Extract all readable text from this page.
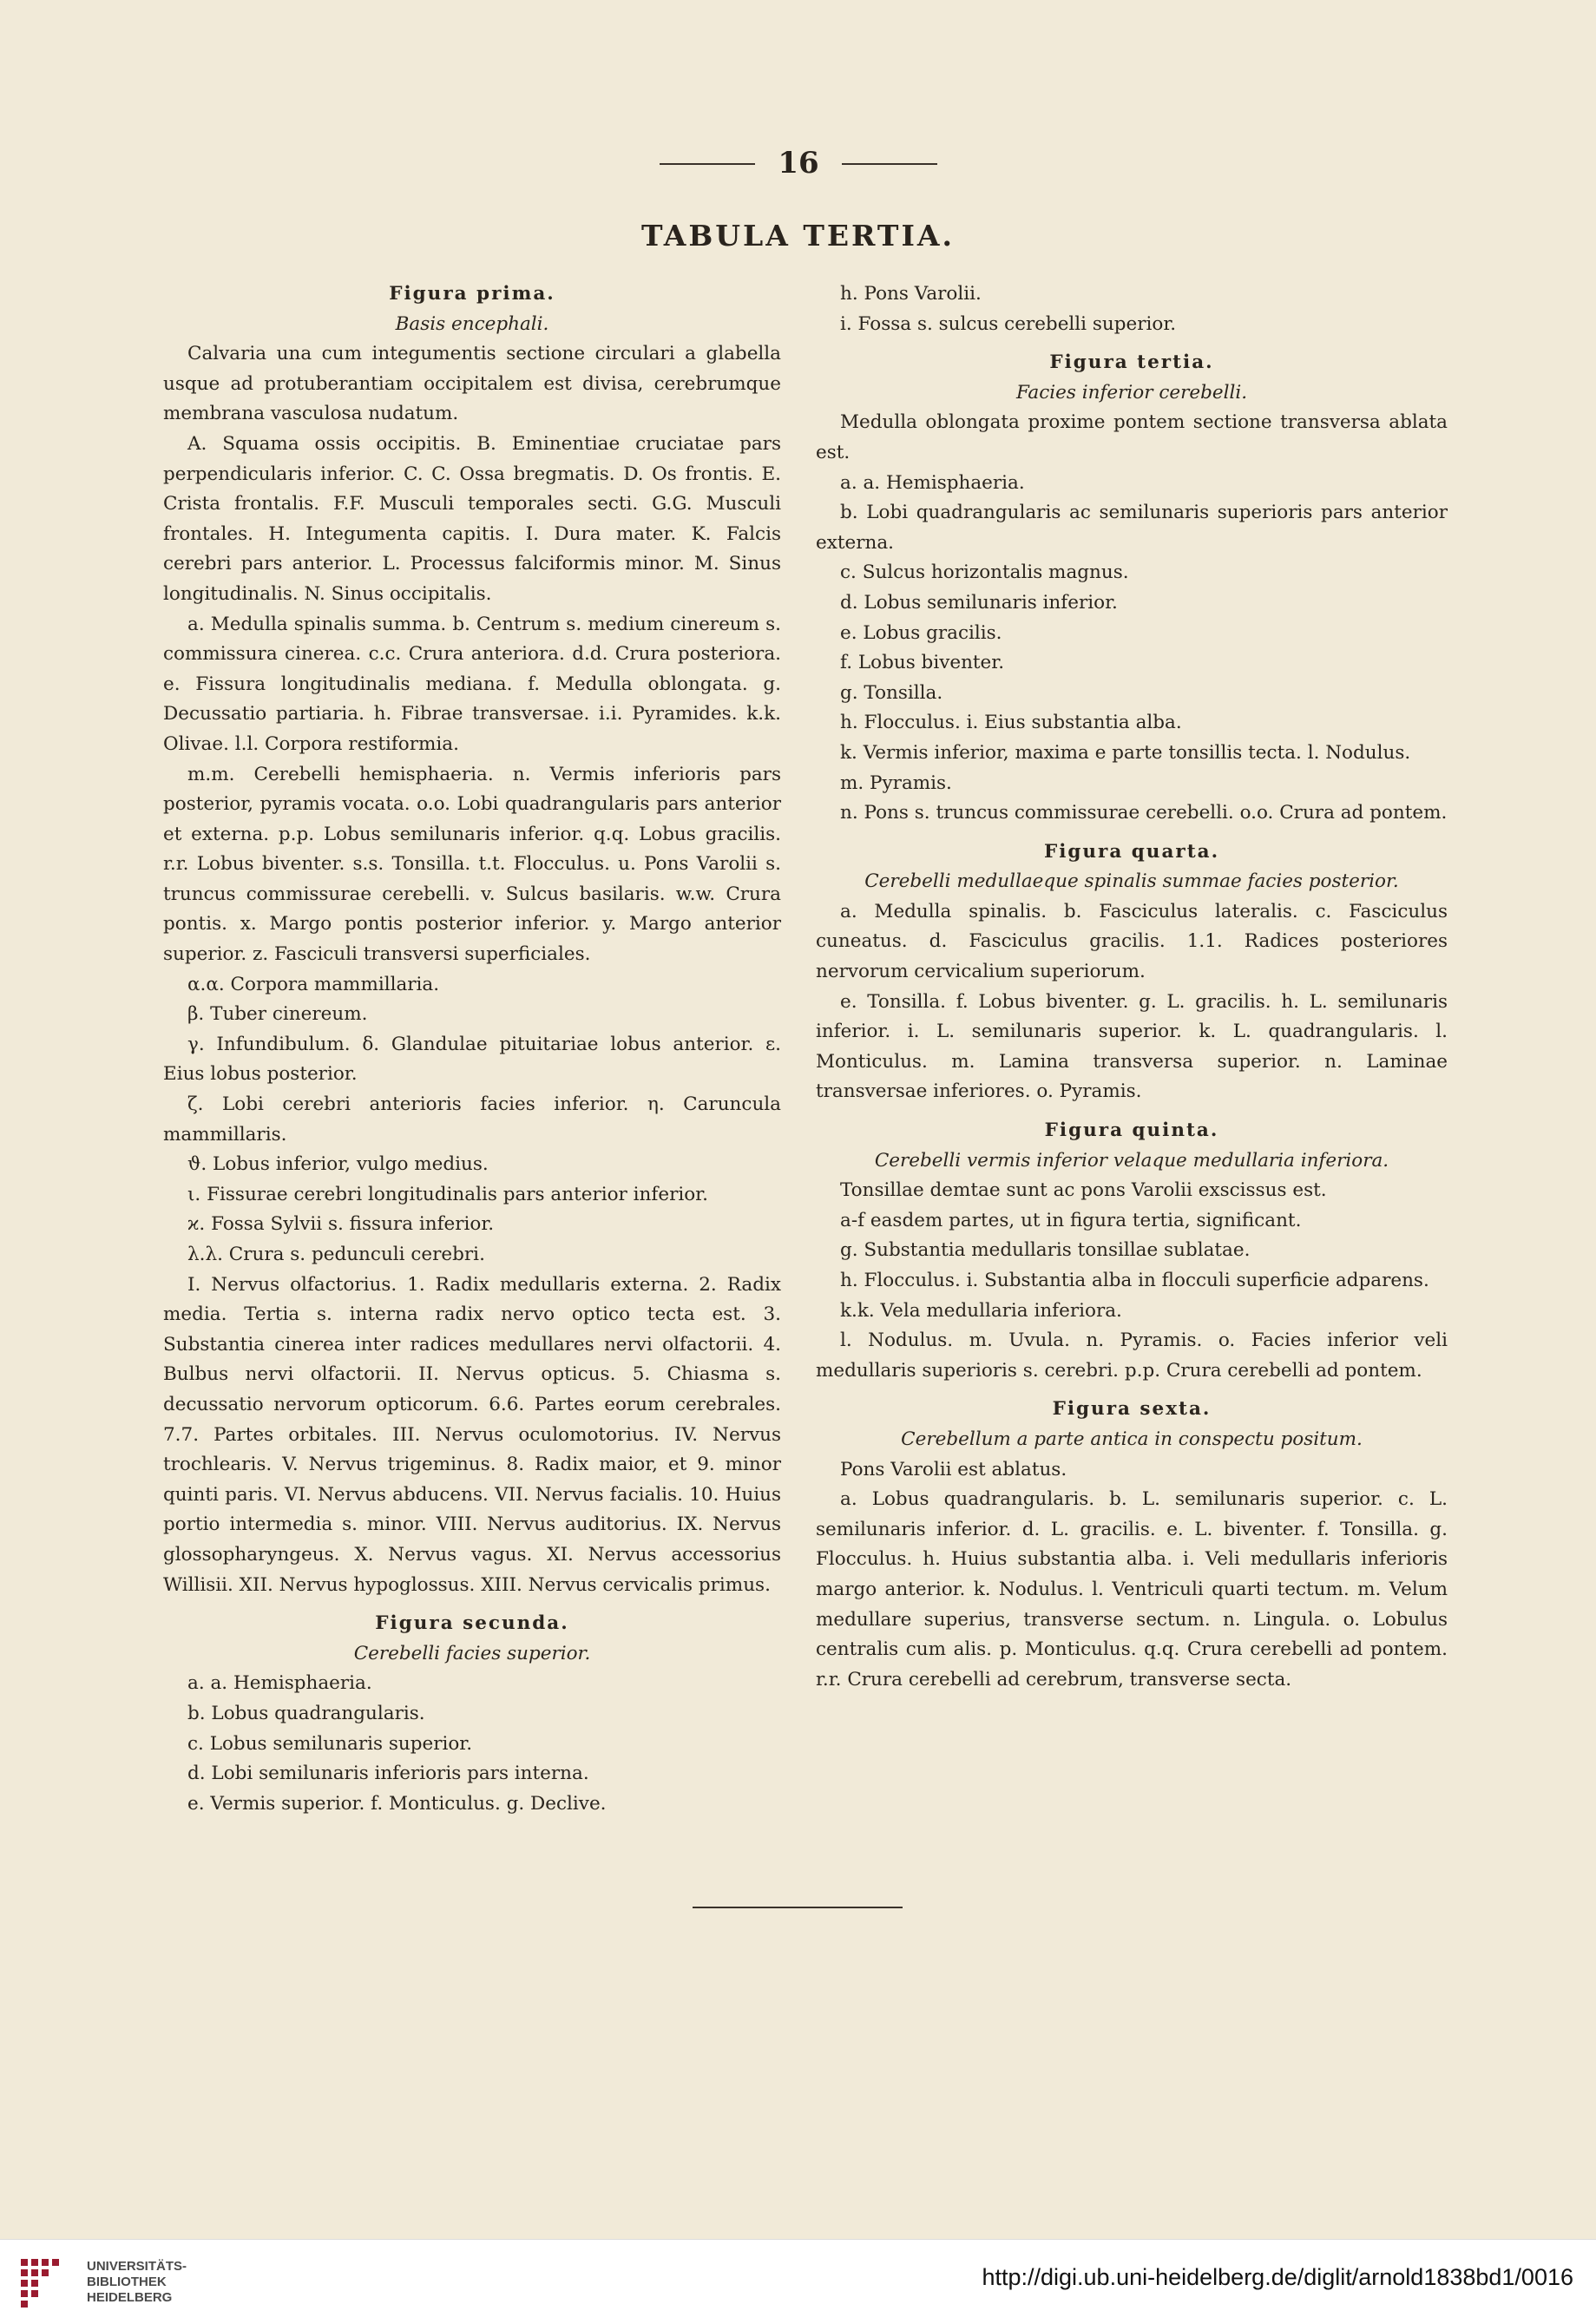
16
TABULA TERTIA.

Figura prima.

Basis encephali.

Calvaria una cum integumentis sectione circulari a glabella usque ad protuberantiam occipitalem est divisa, cerebrumque membrana vasculosa nudatum.

A. Squama ossis occipitis. B. Eminentiae cruciatae pars perpendicularis inferior. C. C. Ossa bregmatis. D. Os frontis. E. Crista frontalis. F.F. Musculi temporales secti. G.G. Musculi frontales. H. Integumenta capitis. I. Dura mater. K. Falcis cerebri pars anterior. L. Processus falciformis minor. M. Sinus longitudinalis. N. Sinus occipitalis.

a. Medulla spinalis summa. b. Centrum s. medium cinereum s. commissura cinerea. c.c. Crura anteriora. d.d. Crura posteriora. e. Fissura longitudinalis mediana. f. Medulla oblongata. g. Decussatio partiaria. h. Fibrae transversae. i.i. Pyramides. k.k. Olivae. l.l. Corpora restiformia.

m.m. Cerebelli hemisphaeria. n. Vermis inferioris pars posterior, pyramis vocata. o.o. Lobi quadrangularis pars anterior et externa. p.p. Lobus semilunaris inferior. q.q. Lobus gracilis. r.r. Lobus biventer. s.s. Tonsilla. t.t. Flocculus. u. Pons Varolii s. truncus commissurae cerebelli. v. Sulcus basilaris. w.w. Crura pontis. x. Margo pontis posterior inferior. y. Margo anterior superior. z. Fasciculi transversi superficiales.

α.α. Corpora mammillaria.

β. Tuber cinereum.

γ. Infundibulum. δ. Glandulae pituitariae lobus anterior. ε. Eius lobus posterior.

ζ. Lobi cerebri anterioris facies inferior. η. Caruncula mammillaris.

ϑ. Lobus inferior, vulgo medius.

ι. Fissurae cerebri longitudinalis pars anterior inferior.

ϰ. Fossa Sylvii s. fissura inferior.

λ.λ. Crura s. pedunculi cerebri.

I. Nervus olfactorius. 1. Radix medullaris externa. 2. Radix media. Tertia s. interna radix nervo optico tecta est. 3. Substantia cinerea inter radices medullares nervi olfactorii. 4. Bulbus nervi olfactorii. II. Nervus opticus. 5. Chiasma s. decussatio nervorum opticorum. 6.6. Partes eorum cerebrales. 7.7. Partes orbitales. III. Nervus oculomotorius. IV. Nervus trochlearis. V. Nervus trigeminus. 8. Radix maior, et 9. minor quinti paris. VI. Nervus abducens. VII. Nervus facialis. 10. Huius portio intermedia s. minor. VIII. Nervus auditorius. IX. Nervus glossopharyngeus. X. Nervus vagus. XI. Nervus accessorius Willisii. XII. Nervus hypoglossus. XIII. Nervus cervicalis primus.

Figura secunda.

Cerebelli facies superior.

a. a. Hemisphaeria.

b. Lobus quadrangularis.

c. Lobus semilunaris superior.

d. Lobi semilunaris inferioris pars interna.

e. Vermis superior. f. Monticulus. g. Declive.

h. Pons Varolii.

i. Fossa s. sulcus cerebelli superior.

Figura tertia.

Facies inferior cerebelli.

Medulla oblongata proxime pontem sectione transversa ablata est.

a. a. Hemisphaeria.

b. Lobi quadrangularis ac semilunaris superioris pars anterior externa.

c. Sulcus horizontalis magnus.

d. Lobus semilunaris inferior.

e. Lobus gracilis.

f. Lobus biventer.

g. Tonsilla.

h. Flocculus. i. Eius substantia alba.

k. Vermis inferior, maxima e parte tonsillis tecta. l. Nodulus.

m. Pyramis.

n. Pons s. truncus commissurae cerebelli. o.o. Crura ad pontem.

Figura quarta.

Cerebelli medullaeque spinalis summae facies posterior.

a. Medulla spinalis. b. Fasciculus lateralis. c. Fasciculus cuneatus. d. Fasciculus gracilis. 1.1. Radices posteriores nervorum cervicalium superiorum.

e. Tonsilla. f. Lobus biventer. g. L. gracilis. h. L. semilunaris inferior. i. L. semilunaris superior. k. L. quadrangularis. l. Monticulus. m. Lamina transversa superior. n. Laminae transversae inferiores. o. Pyramis.

Figura quinta.

Cerebelli vermis inferior velaque medullaria inferiora.

Tonsillae demtae sunt ac pons Varolii exscissus est.

a-f easdem partes, ut in figura tertia, significant.

g. Substantia medullaris tonsillae sublatae.

h. Flocculus. i. Substantia alba in flocculi superficie adparens.

k.k. Vela medullaria inferiora.

l. Nodulus. m. Uvula. n. Pyramis. o. Facies inferior veli medullaris superioris s. cerebri. p.p. Crura cerebelli ad pontem.

Figura sexta.

Cerebellum a parte antica in conspectu positum.

Pons Varolii est ablatus.

a. Lobus quadrangularis. b. L. semilunaris superior. c. L. semilunaris inferior. d. L. gracilis. e. L. biventer. f. Tonsilla. g. Flocculus. h. Huius substantia alba. i. Veli medullaris inferioris margo anterior. k. Nodulus. l. Ventriculi quarti tectum. m. Velum medullare superius, transverse sectum. n. Lingula. o. Lobulus centralis cum alis. p. Monticulus. q.q. Crura cerebelli ad pontem. r.r. Crura cerebelli ad cerebrum, transverse secta.

UNIVERSITÄTS-
BIBLIOTHEK
HEIDELBERG
http://digi.ub.uni-heidelberg.de/diglit/arnold1838bd1/0016
